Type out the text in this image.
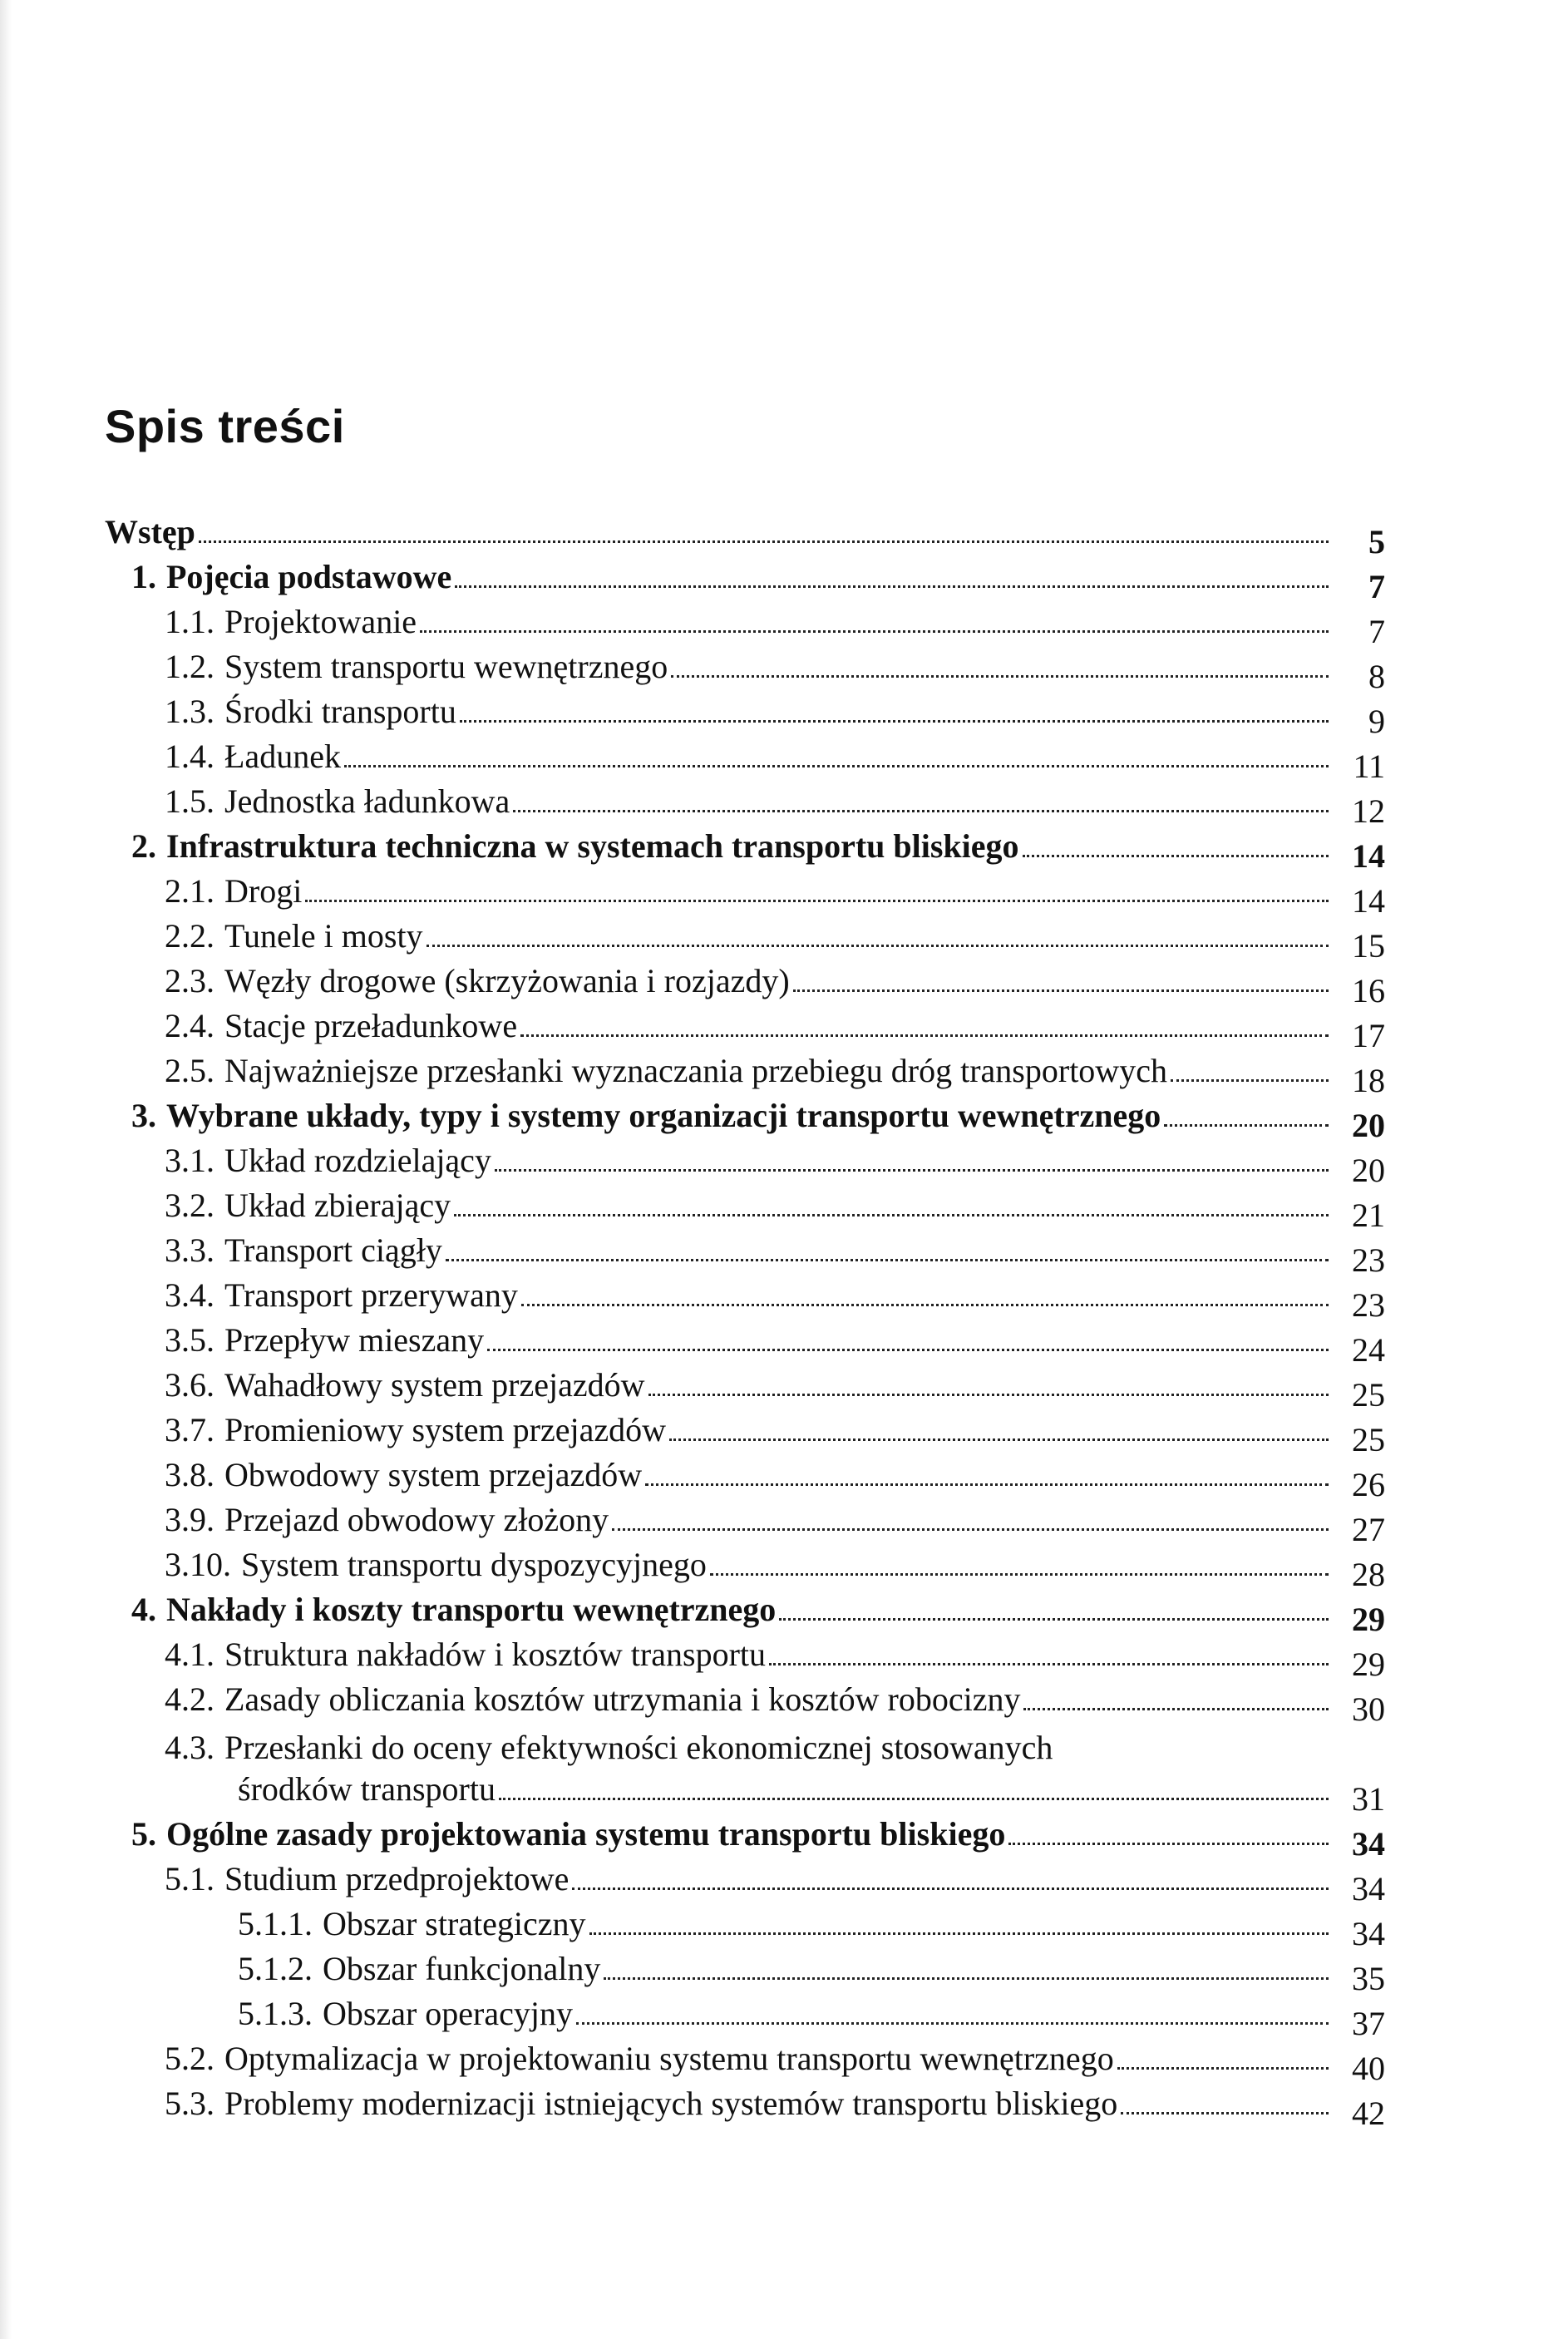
Spis treści
Wstęp	5
1. Pojęcia podstawowe	7
1.1. Projektowanie	7
1.2. System transportu wewnętrznego	8
1.3. Środki transportu	9
1.4. Ładunek	11
1.5. Jednostka ładunkowa	12
2. Infrastruktura techniczna w systemach transportu bliskiego	14
2.1. Drogi	14
2.2. Tunele i mosty	15
2.3. Węzły drogowe (skrzyżowania i rozjazdy)	16
2.4. Stacje przeładunkowe	17
2.5. Najważniejsze przesłanki wyznaczania przebiegu dróg transportowych	18
3. Wybrane układy, typy i systemy organizacji transportu wewnętrznego	20
3.1. Układ rozdzielający	20
3.2. Układ zbierający	21
3.3. Transport ciągły	23
3.4. Transport przerywany	23
3.5. Przepływ mieszany	24
3.6. Wahadłowy system przejazdów	25
3.7. Promieniowy system przejazdów	25
3.8. Obwodowy system przejazdów	26
3.9. Przejazd obwodowy złożony	27
3.10. System transportu dyspozycyjnego	28
4. Nakłady i koszty transportu wewnętrznego	29
4.1. Struktura nakładów i kosztów transportu	29
4.2. Zasady obliczania kosztów utrzymania i kosztów robocizny	30
4.3. Przesłanki do oceny efektywności ekonomicznej stosowanych
środków transportu	31
5. Ogólne zasady projektowania systemu transportu bliskiego	34
5.1. Studium przedprojektowe	34
5.1.1. Obszar strategiczny	34
5.1.2. Obszar funkcjonalny	35
5.1.3. Obszar operacyjny	37
5.2. Optymalizacja w projektowaniu systemu transportu wewnętrznego	40
5.3. Problemy modernizacji istniejących systemów transportu bliskiego	42
